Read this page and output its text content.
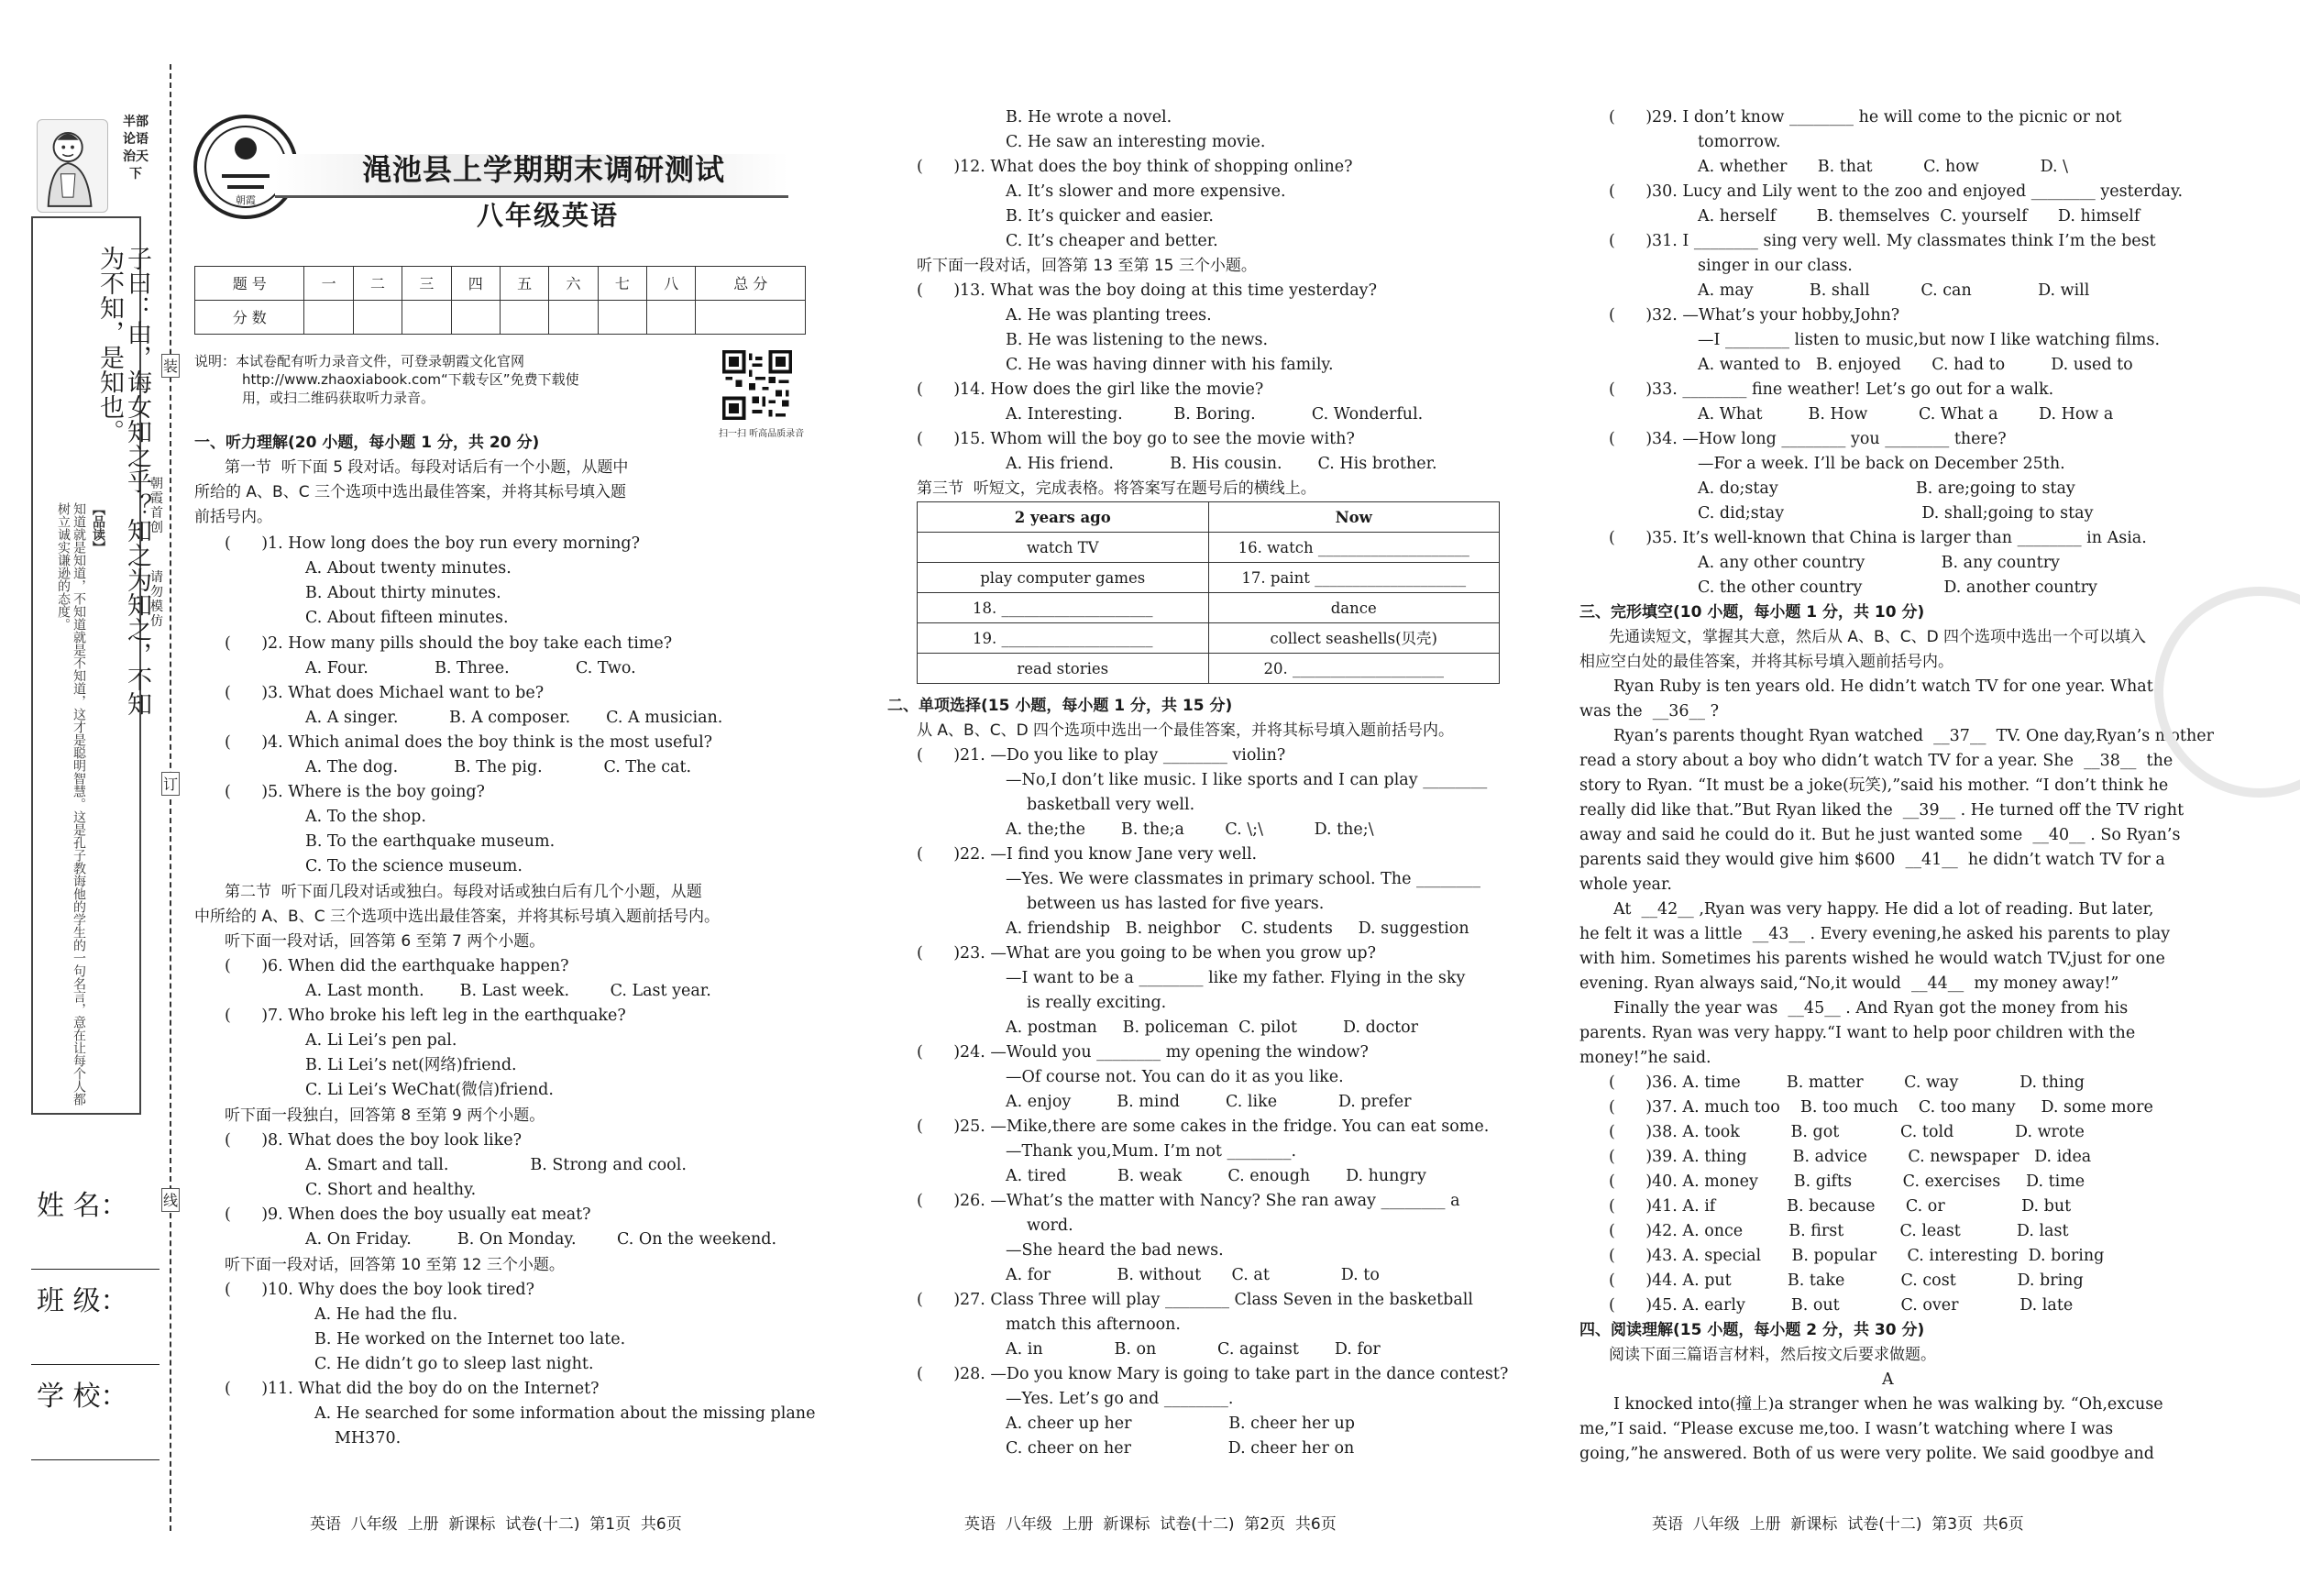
半部论语治天下
子曰：由，诲女知之乎？知之为知之，不知为不知，是知也。
【品读】
知道就是知道，不知道就是不知道，这才是聪明智慧。这是孔子教诲他的学生的一句名言，意在让每个人都树立诚实谦逊的态度。
姓 名：
班 级：
学 校：
装
订
线
朝霞首创
请勿模仿
朝霞
渑池县上学期期末调研测试
八年级英语
题 号	一	二	三	四	五	六	七	八	总 分
分 数									
说明：本试卷配有听力录音文件，可登录朝霞文化官网
http://www.zhaoxiabook.com“下载专区”免费下载使
用，或扫二维码获取听力录音。
扫一扫 听高品质录音
一、听力理解(20 小题，每小题 1 分，共 20 分)
第一节  听下面 5 段对话。每段对话后有一个小题，从题中
所给的 A、B、C 三个选项中选出最佳答案，并将其标号填入题
前括号内。
(      )1. How long does the boy run every morning?
A. About twenty minutes.
B. About thirty minutes.
C. About fifteen minutes.
(      )2. How many pills should the boy take each time?
A. Four.             B. Three.             C. Two.
(      )3. What does Michael want to be?
A. A singer.          B. A composer.       C. A musician.
(      )4. Which animal does the boy think is the most useful?
A. The dog.           B. The pig.            C. The cat.
(      )5. Where is the boy going?
A. To the shop.
B. To the earthquake museum.
C. To the science museum.
第二节  听下面几段对话或独白。每段对话或独白后有几个小题，从题
中所给的 A、B、C 三个选项中选出最佳答案，并将其标号填入题前括号内。
听下面一段对话，回答第 6 至第 7 两个小题。
(      )6. When did the earthquake happen?
A. Last month.       B. Last week.        C. Last year.
(      )7. Who broke his left leg in the earthquake?
A. Li Lei’s pen pal.
B. Li Lei’s net(网络)friend.
C. Li Lei’s WeChat(微信)friend.
听下面一段独白，回答第 8 至第 9 两个小题。
(      )8. What does the boy look like?
A. Smart and tall.                B. Strong and cool.
C. Short and healthy.
(      )9. When does the boy usually eat meat?
A. On Friday.         B. On Monday.        C. On the weekend.
听下面一段对话，回答第 10 至第 12 三个小题。
(      )10. Why does the boy look tired?
A. He had the flu.
B. He worked on the Internet too late.
C. He didn’t go to sleep last night.
(      )11. What did the boy do on the Internet?
A. He searched for some information about the missing plane
MH370.
B. He wrote a novel.
C. He saw an interesting movie.
(      )12. What does the boy think of shopping online?
A. It’s slower and more expensive.
B. It’s quicker and easier.
C. It’s cheaper and better.
听下面一段对话，回答第 13 至第 15 三个小题。
(      )13. What was the boy doing at this time yesterday?
A. He was planting trees.
B. He was listening to the news.
C. He was having dinner with his family.
(      )14. How does the girl like the movie?
A. Interesting.          B. Boring.           C. Wonderful.
(      )15. Whom will the boy go to see the movie with?
A. His friend.           B. His cousin.       C. His brother.
第三节  听短文，完成表格。将答案写在题号后的横线上。
二、单项选择(15 小题，每小题 1 分，共 15 分)
从 A、B、C、D 四个选项中选出一个最佳答案，并将其标号填入题前括号内。
(      )21. —Do you like to play ________ violin?
—No,I don’t like music. I like sports and I can play ________
basketball very well.
A. the;the       B. the;a        C. \;\          D. the;\
(      )22. —I find you know Jane very well.
—Yes. We were classmates in primary school. The ________
between us has lasted for five years.
A. friendship   B. neighbor    C. students     D. suggestion
(      )23. —What are you going to be when you grow up?
—I want to be a ________ like my father. Flying in the sky
is really exciting.
A. postman     B. policeman  C. pilot         D. doctor
(      )24. —Would you ________ my opening the window?
—Of course not. You can do it as you like.
A. enjoy         B. mind         C. like            D. prefer
(      )25. —Mike,there are some cakes in the fridge. You can eat some.
—Thank you,Mum. I’m not ________.
A. tired          B. weak         C. enough       D. hungry
(      )26. —What’s the matter with Nancy? She ran away ________ a
word.
—She heard the bad news.
A. for             B. without      C. at              D. to
(      )27. Class Three will play ________ Class Seven in the basketball
match this afternoon.
A. in              B. on            C. against       D. for
(      )28. —Do you know Mary is going to take part in the dance contest?
—Yes. Let’s go and ________.
A. cheer up her                   B. cheer her up
C. cheer on her                   D. cheer her on
(      )29. I don’t know ________ he will come to the picnic or not
tomorrow.
A. whether      B. that          C. how            D. \
(      )30. Lucy and Lily went to the zoo and enjoyed ________ yesterday.
A. herself        B. themselves  C. yourself      D. himself
(      )31. I ________ sing very well. My classmates think I’m the best
singer in our class.
A. may           B. shall          C. can             D. will
(      )32. —What’s your hobby,John?
—I ________ listen to music,but now I like watching films.
A. wanted to   B. enjoyed      C. had to         D. used to
(      )33. ________ fine weather! Let’s go out for a walk.
A. What         B. How          C. What a        D. How a
(      )34. —How long ________ you ________ there?
—For a week. I’ll be back on December 25th.
A. do;stay                           B. are;going to stay
C. did;stay                           D. shall;going to stay
(      )35. It’s well-known that China is larger than ________ in Asia.
A. any other country               B. any country
C. the other country                D. another country
三、完形填空(10 小题，每小题 1 分，共 10 分)
先通读短文，掌握其大意，然后从 A、B、C、D 四个选项中选出一个可以填入
相应空白处的最佳答案，并将其标号填入题前括号内。
Ryan Ruby is ten years old. He didn’t watch TV for one year. What
was the  __36__ ?
Ryan’s parents thought Ryan watched  __37__  TV. One day,Ryan’s mother
read a story about a boy who didn’t watch TV for a year. She  __38__  the
story to Ryan. “It must be a joke(玩笑),”said his mother. “I don’t think he
really did like that.”But Ryan liked the  __39__ . He turned off the TV right
away and said he could do it. But he just wanted some  __40__ . So Ryan’s
parents said they would give him $600  __41__  he didn’t watch TV for a
whole year.
At  __42__ ,Ryan was very happy. He did a lot of reading. But later,
he felt it was a little  __43__ . Every evening,he asked his parents to play
with him. Sometimes his parents wished he would watch TV,just for one
evening. Ryan always said,“No,it would  __44__  my money away!”
Finally the year was  __45__ . And Ryan got the money from his
parents. Ryan was very happy.“I want to help poor children with the
money!”he said.
(      )36. A. time         B. matter        C. way            D. thing
(      )37. A. much too    B. too much    C. too many     D. some more
(      )38. A. took          B. got            C. told            D. wrote
(      )39. A. thing         B. advice        C. newspaper   D. idea
(      )40. A. money       B. gifts          C. exercises     D. time
(      )41. A. if              B. because      C. or               D. but
(      )42. A. once         B. first           C. least           D. last
(      )43. A. special      B. popular      C. interesting  D. boring
(      )44. A. put           B. take           C. cost            D. bring
(      )45. A. early         B. out            C. over            D. late
四、阅读理解(15 小题，每小题 2 分，共 30 分)
阅读下面三篇语言材料，然后按文后要求做题。
A
I knocked into(撞上)a stranger when he was walking by. “Oh,excuse
me,”I said. “Please excuse me,too. I wasn’t watching where I was
going,”he answered. Both of us were very polite. We said goodbye and
2 years ago	Now
watch TV	16. watch ____________________
play computer games	17. paint ____________________
18. ____________________	dance
19. ____________________	collect seashells(贝壳)
read stories	20. ____________________
英语  八年级  上册  新课标  试卷(十二)  第1页  共6页	英语  八年级  上册  新课标  试卷(十二)  第2页  共6页	英语  八年级  上册  新课标  试卷(十二)  第3页  共6页
